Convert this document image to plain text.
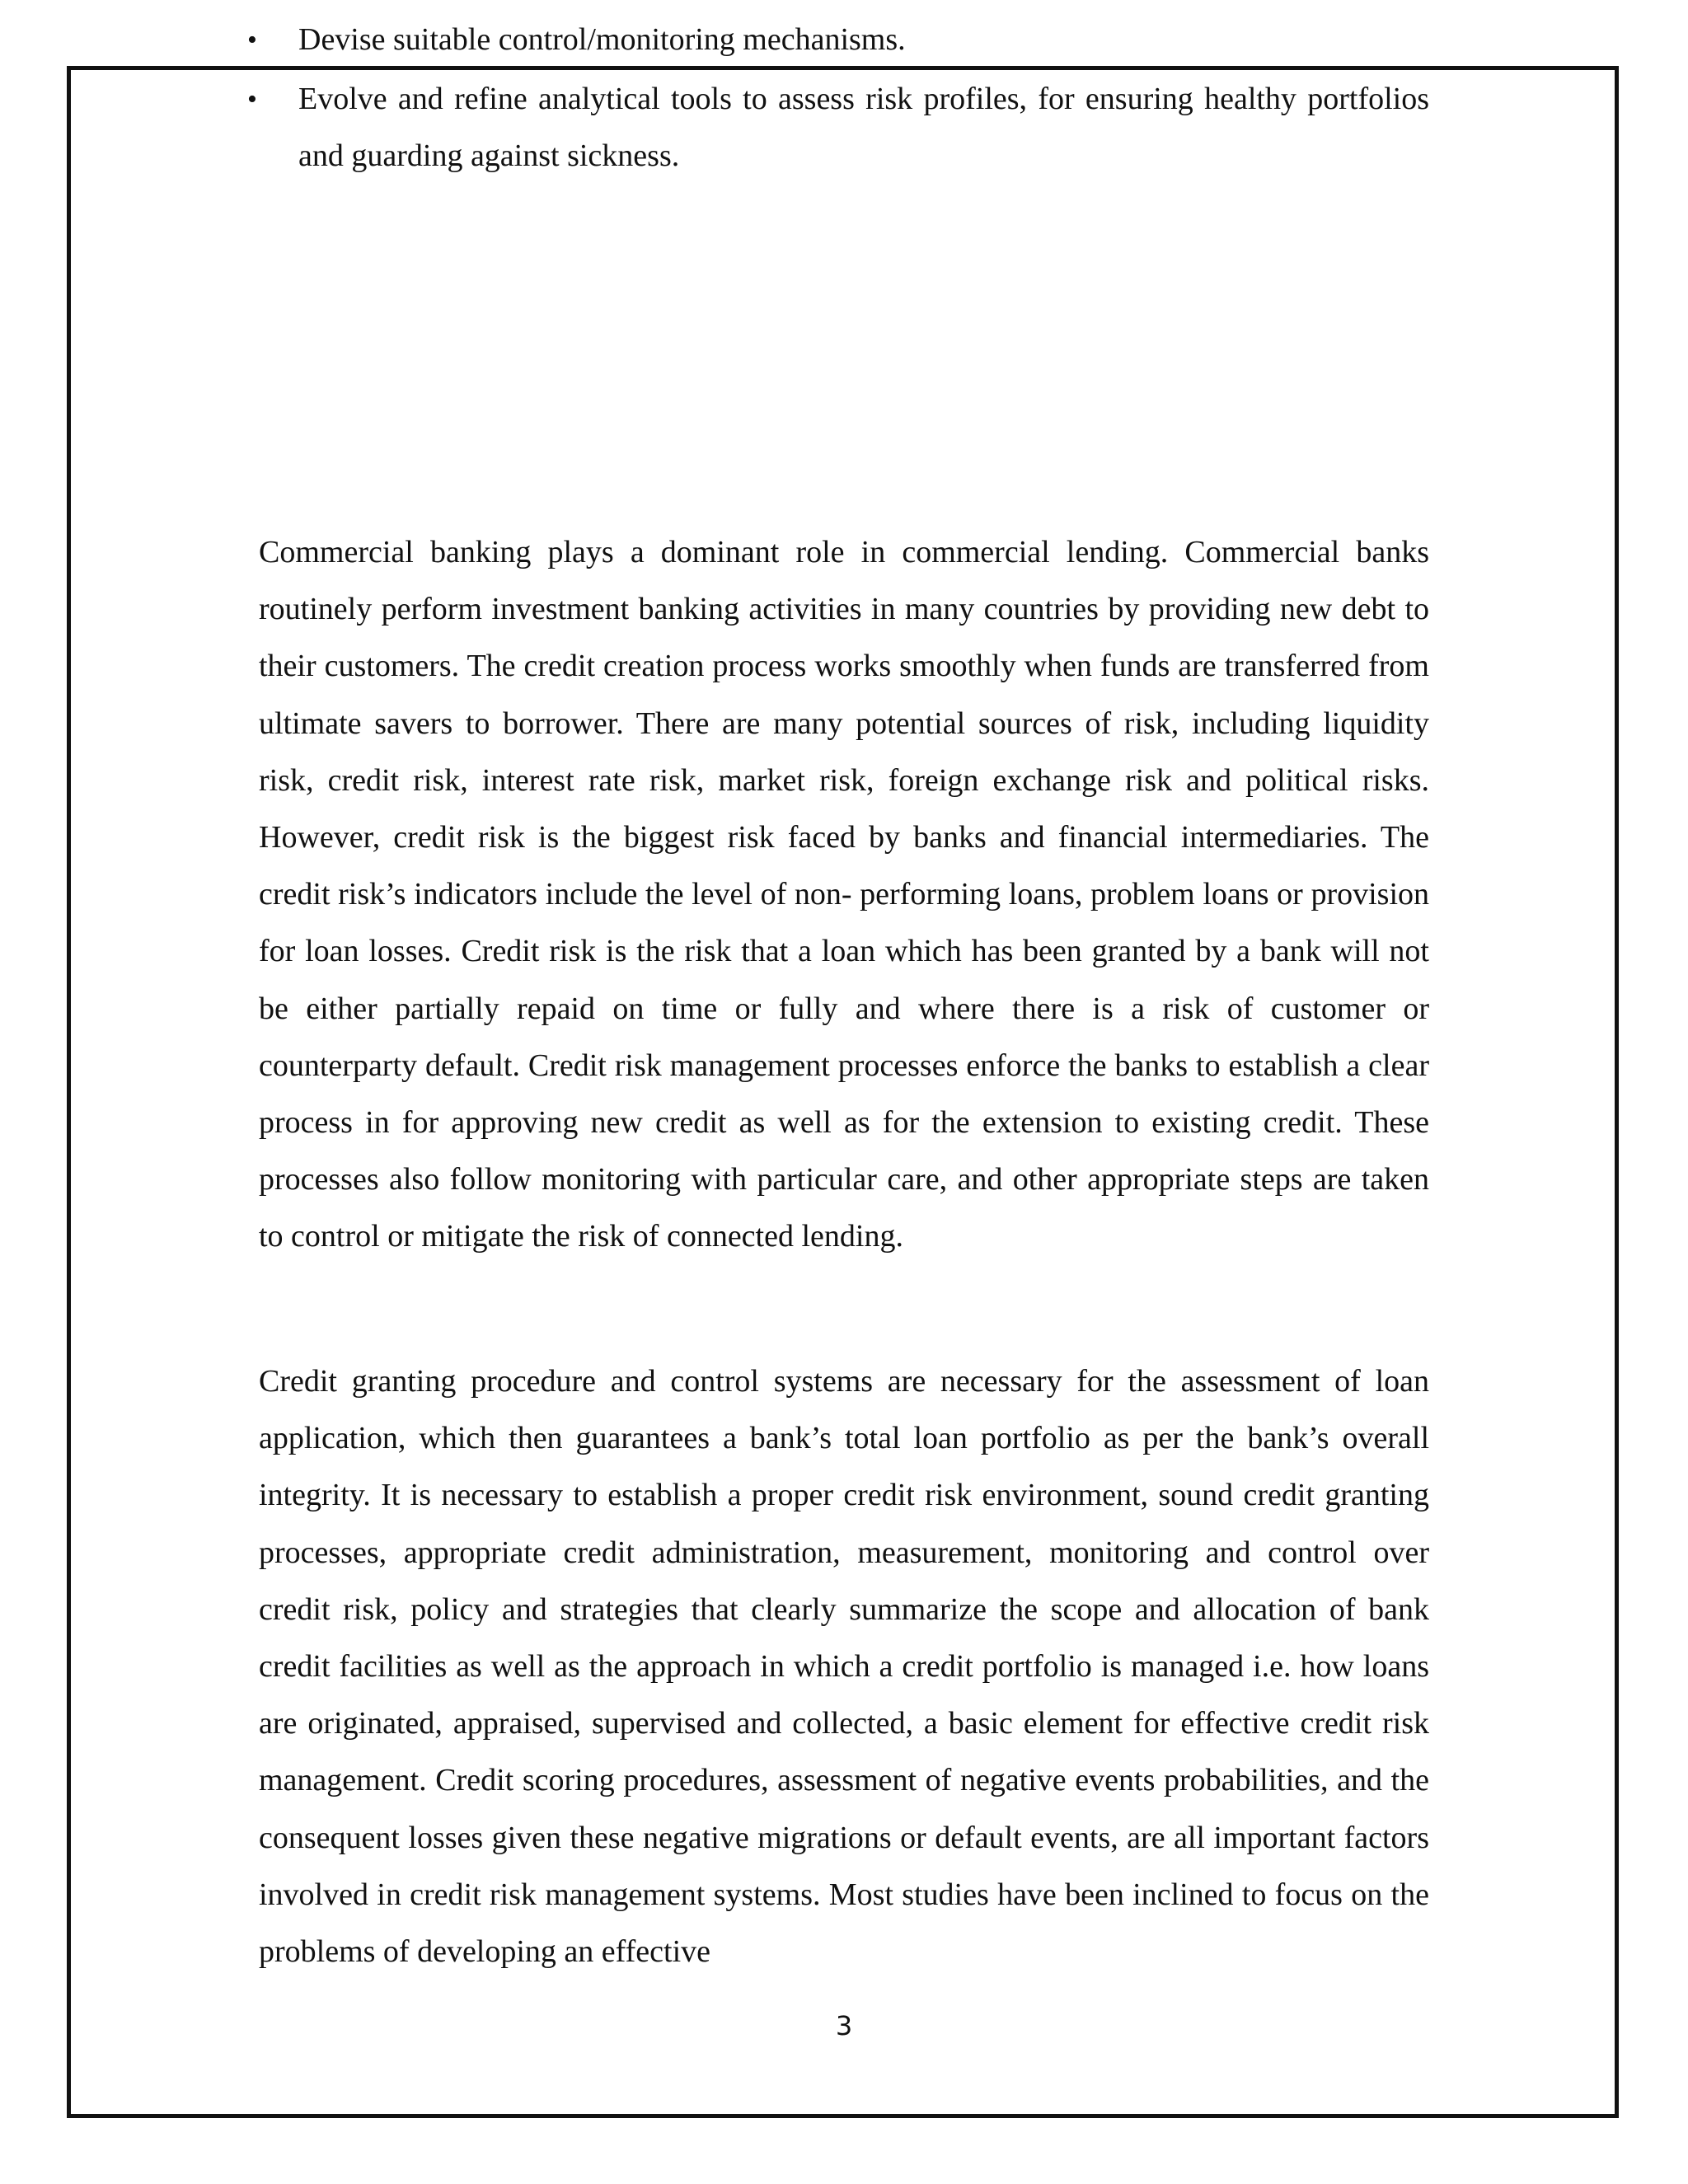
• Devise suitable control/monitoring mechanisms.
• Evolve and refine analytical tools to assess risk profiles, for ensuring healthy portfolios and guarding against sickness.

Commercial banking plays a dominant role in commercial lending. Commercial banks routinely perform investment banking activities in many countries by providing new debt to their customers. The credit creation process works smoothly when funds are transferred from ultimate savers to borrower. There are many potential sources of risk, including liquidity risk, credit risk, interest rate risk, market risk, foreign exchange risk and political risks. However, credit risk is the biggest risk faced by banks and financial intermediaries. The credit risk’s indicators include the level of non- performing loans, problem loans or provision for loan losses. Credit risk is the risk that a loan which has been granted by a bank will not be either partially repaid on time or fully and where there is a risk of customer or counterparty default. Credit risk management processes enforce the banks to establish a clear process in for approving new credit as well as for the extension to existing credit. These processes also follow monitoring with particular care, and other appropriate steps are taken to control or mitigate the risk of connected lending.

Credit granting procedure and control systems are necessary for the assessment of loan application, which then guarantees a bank’s total loan portfolio as per the bank’s overall integrity. It is necessary to establish a proper credit risk environment, sound credit granting processes, appropriate credit administration, measurement, monitoring and control over credit risk, policy and strategies that clearly summarize the scope and allocation of bank credit facilities as well as the approach in which a credit portfolio is managed i.e. how loans are originated, appraised, supervised and collected, a basic element for effective credit risk management. Credit scoring procedures, assessment of negative events probabilities, and the consequent losses given these negative migrations or default events, are all important factors involved in credit risk management systems. Most studies have been inclined to focus on the problems of developing an effective

3
